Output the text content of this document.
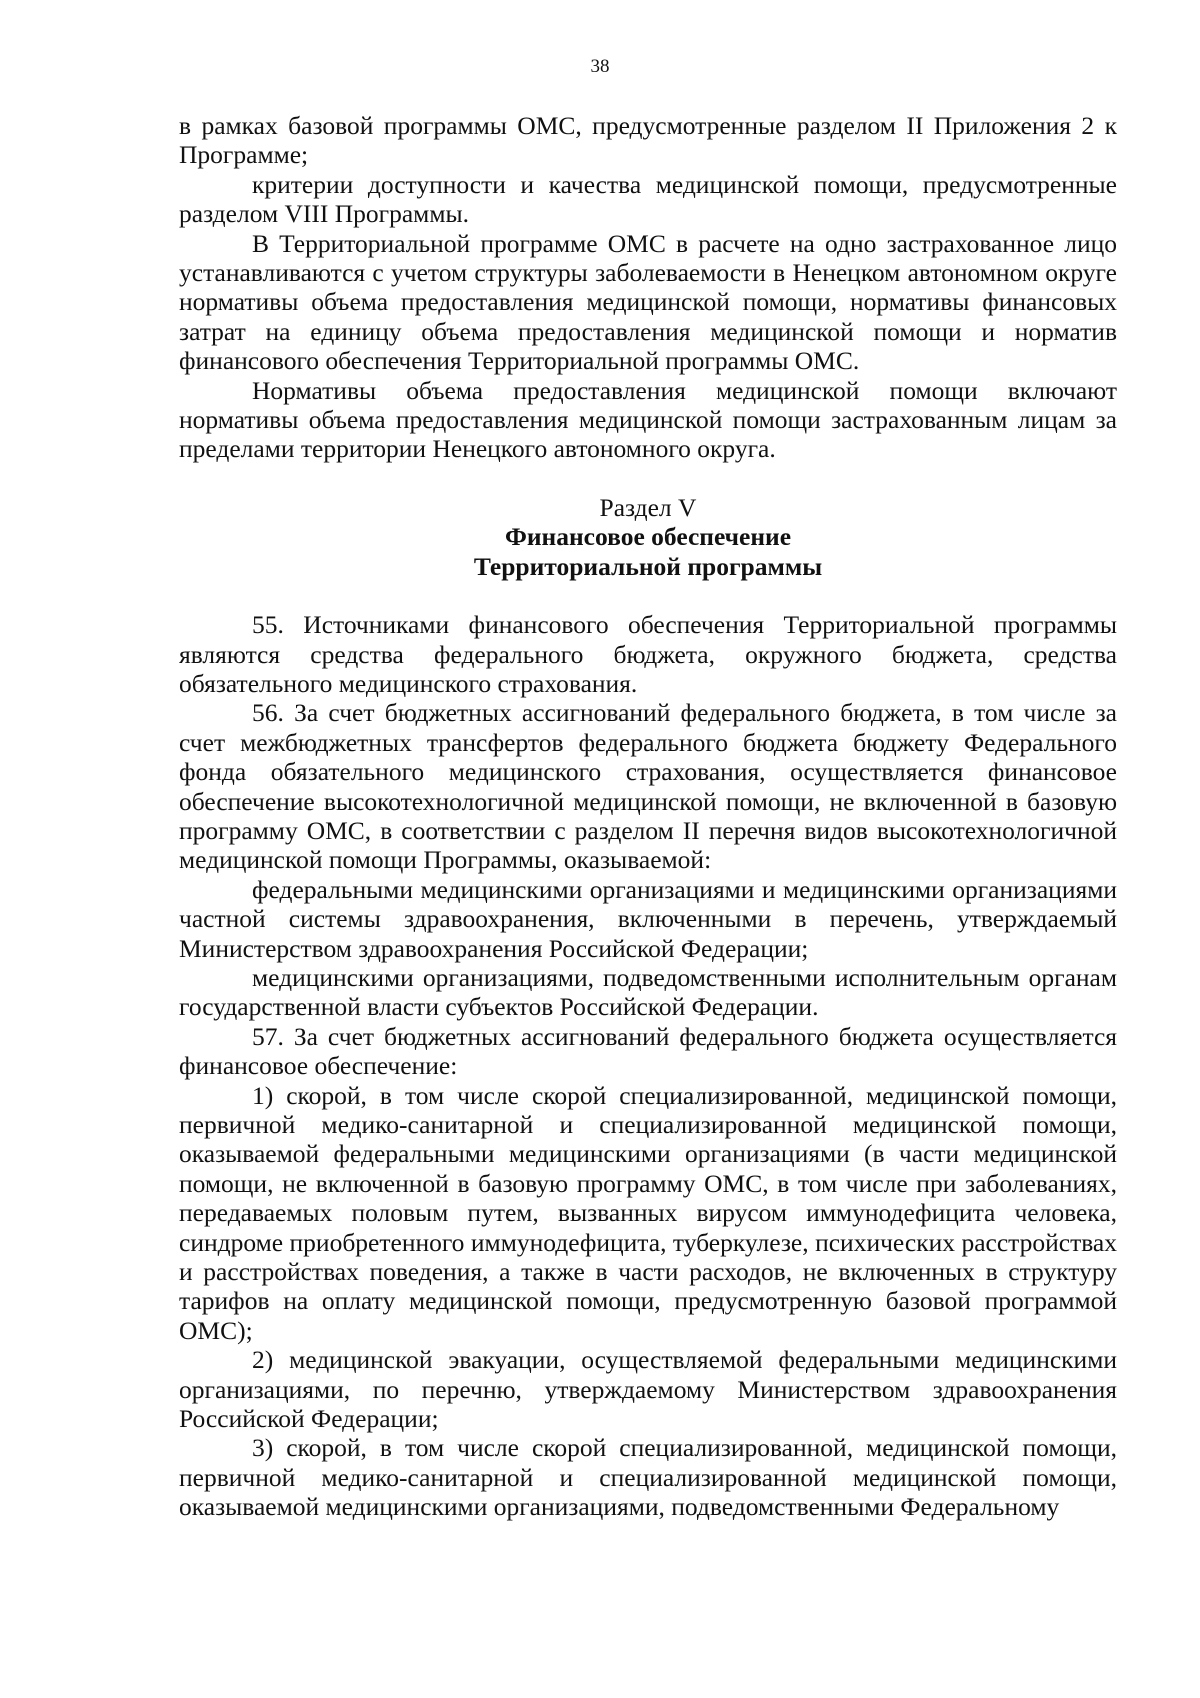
38

в рамках базовой программы ОМС, предусмотренные разделом II Приложения 2 к Программе;

критерии доступности и качества медицинской помощи, предусмотренные разделом VIII Программы.

В Территориальной программе ОМС в расчете на одно застрахованное лицо устанавливаются с учетом структуры заболеваемости в Ненецком автономном округе нормативы объема предоставления медицинской помощи, нормативы финансовых затрат на единицу объема предоставления медицинской помощи и норматив финансового обеспечения Территориальной программы ОМС.

Нормативы объема предоставления медицинской помощи включают нормативы объема предоставления медицинской помощи застрахованным лицам за пределами территории Ненецкого автономного округа.

Раздел V
Финансовое обеспечение
Территориальной программы

55. Источниками финансового обеспечения Территориальной программы являются средства федерального бюджета, окружного бюджета, средства обязательного медицинского страхования.

56. За счет бюджетных ассигнований федерального бюджета, в том числе за счет межбюджетных трансфертов федерального бюджета бюджету Федерального фонда обязательного медицинского страхования, осуществляется финансовое обеспечение высокотехнологичной медицинской помощи, не включенной в базовую программу ОМС, в соответствии с разделом II перечня видов высокотехнологичной медицинской помощи Программы, оказываемой:

федеральными медицинскими организациями и медицинскими организациями частной системы здравоохранения, включенными в перечень, утверждаемый Министерством здравоохранения Российской Федерации;

медицинскими организациями, подведомственными исполнительным органам государственной власти субъектов Российской Федерации.

57. За счет бюджетных ассигнований федерального бюджета осуществляется финансовое обеспечение:

1) скорой, в том числе скорой специализированной, медицинской помощи, первичной медико-санитарной и специализированной медицинской помощи, оказываемой федеральными медицинскими организациями (в части медицинской помощи, не включенной в базовую программу ОМС, в том числе при заболеваниях, передаваемых половым путем, вызванных вирусом иммунодефицита человека, синдроме приобретенного иммунодефицита, туберкулезе, психических расстройствах и расстройствах поведения, а также в части расходов, не включенных в структуру тарифов на оплату медицинской помощи, предусмотренную базовой программой ОМС);

2) медицинской эвакуации, осуществляемой федеральными медицинскими организациями, по перечню, утверждаемому Министерством здравоохранения Российской Федерации;

3) скорой, в том числе скорой специализированной, медицинской помощи, первичной медико-санитарной и специализированной медицинской помощи, оказываемой медицинскими организациями, подведомственными Федеральному
